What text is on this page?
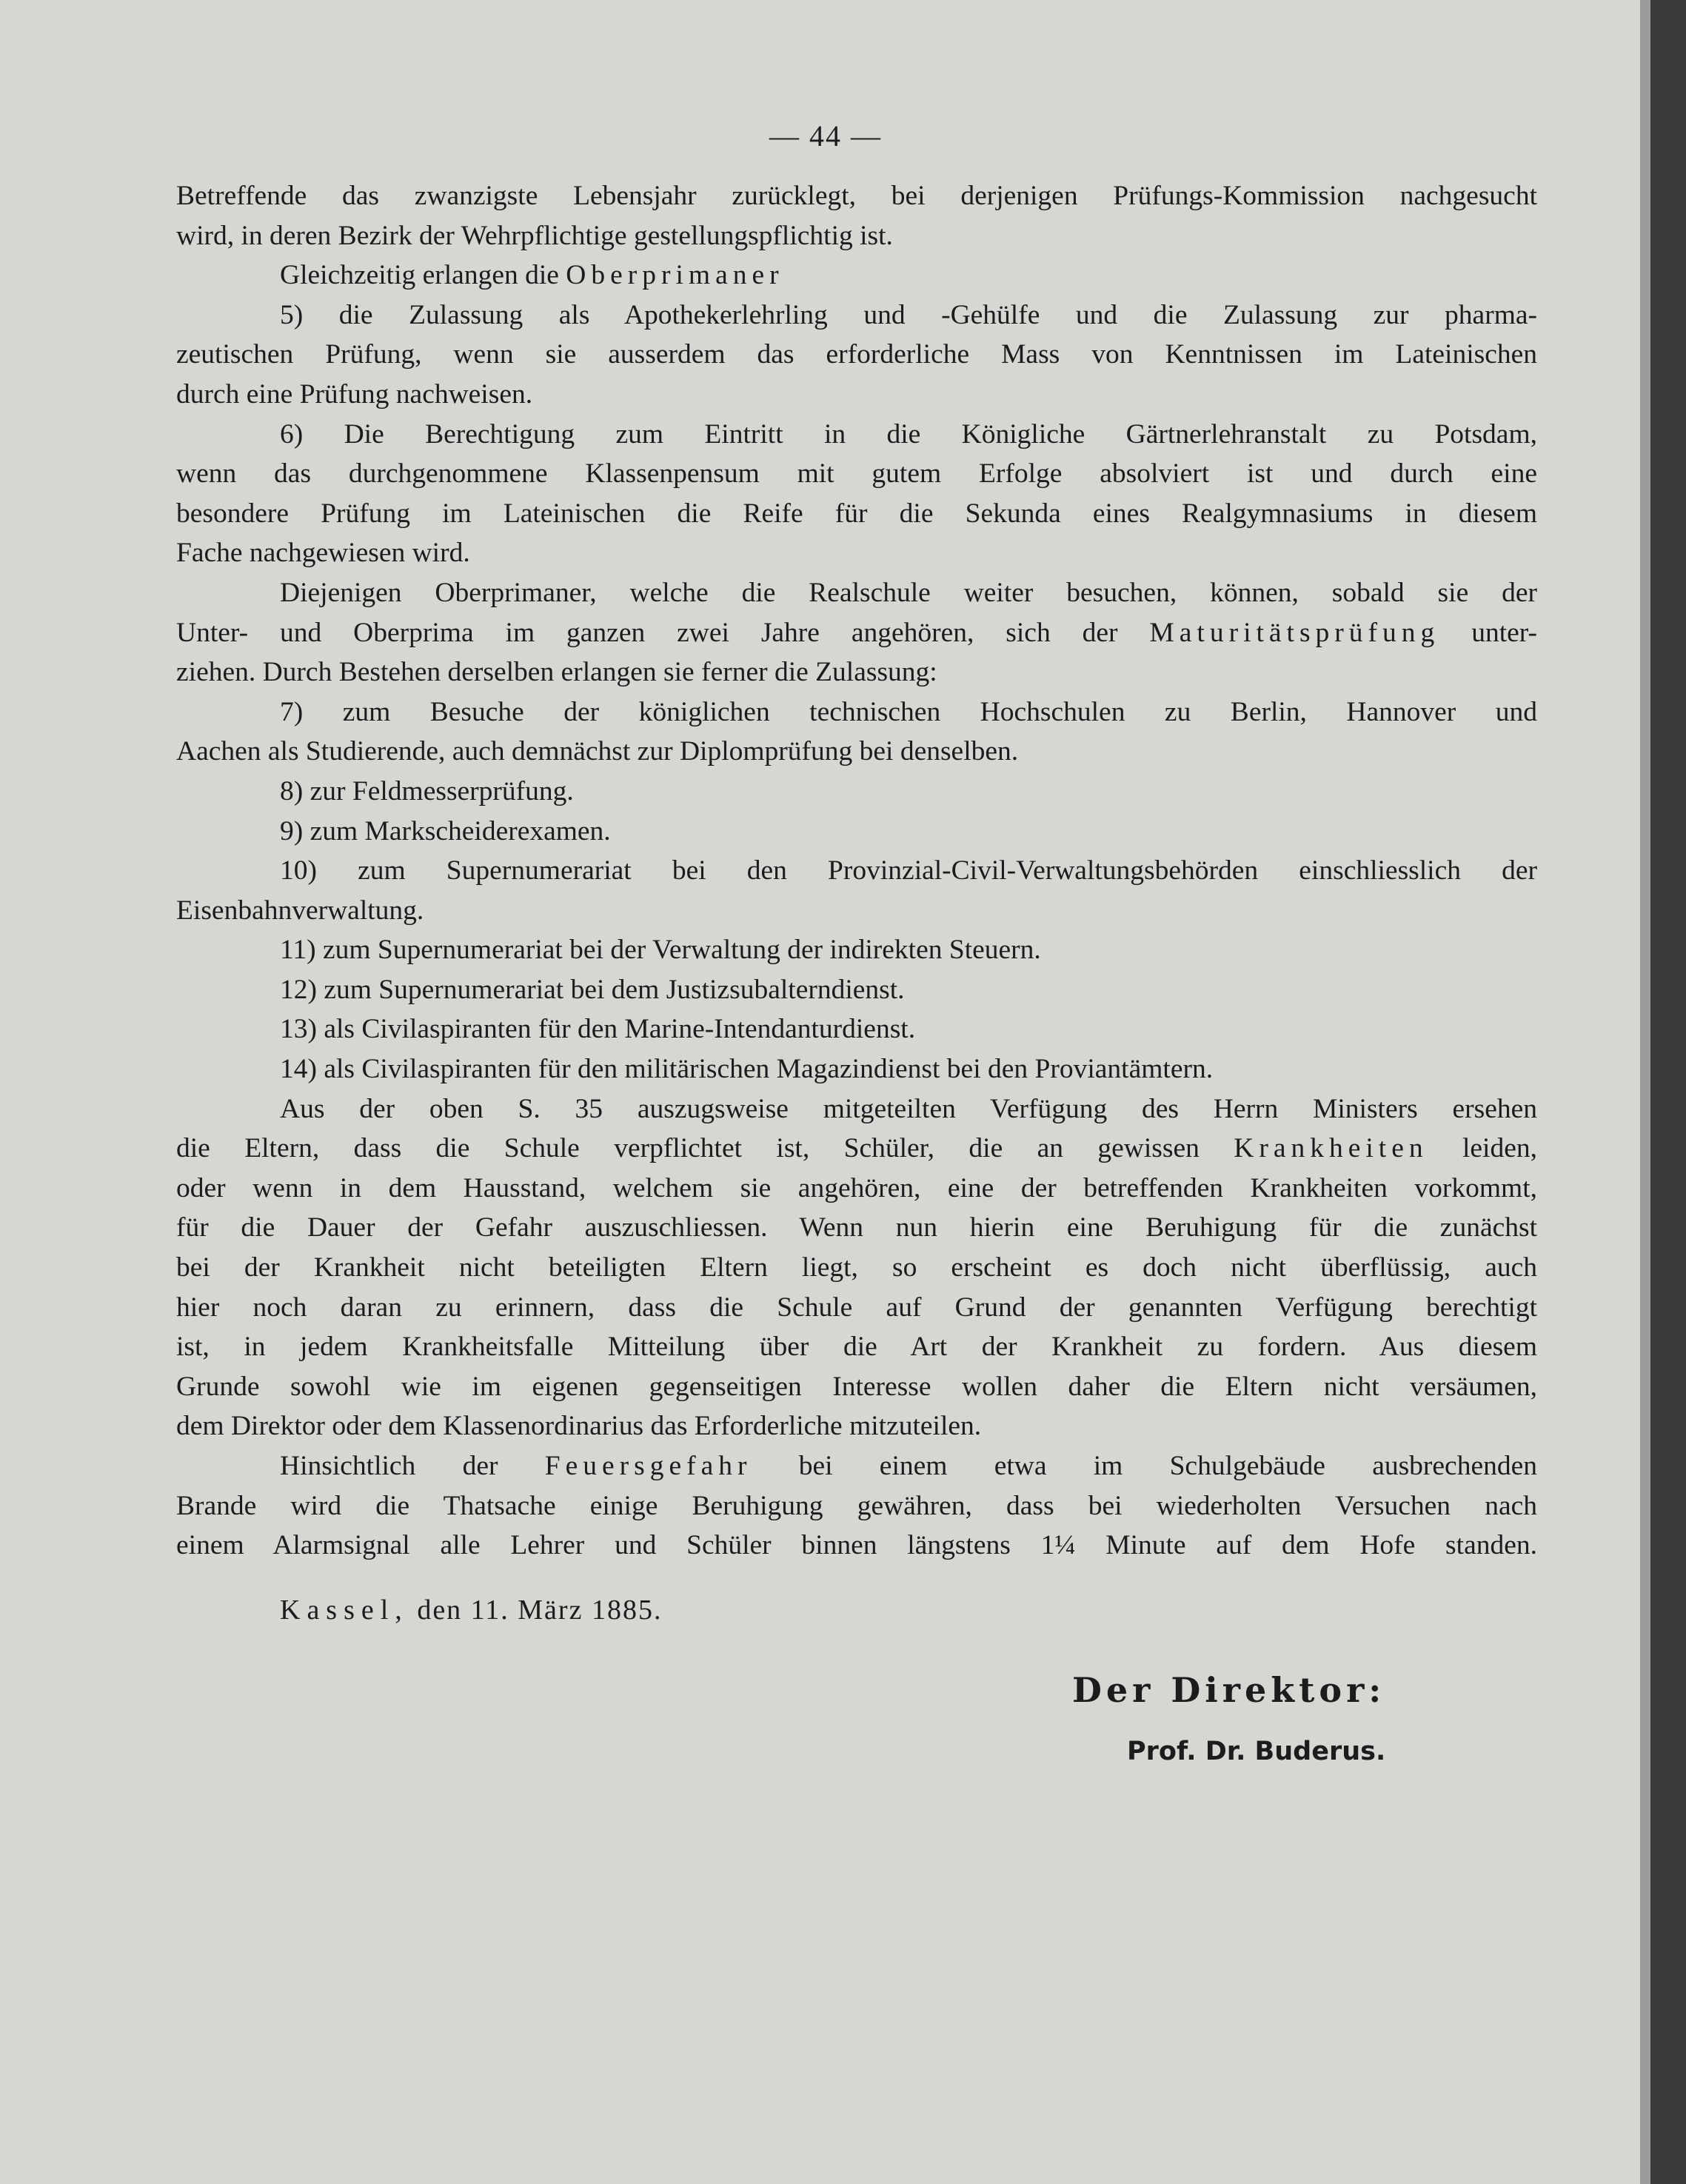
— 44 —
Betreffende das zwanzigste Lebensjahr zurücklegt, bei derjenigen Prüfungs-Kommission nachgesucht
wird, in deren Bezirk der Wehrpflichtige gestellungspflichtig ist.
Gleichzeitig erlangen die Oberprimaner
5) die Zulassung als Apothekerlehrling und -Gehülfe und die Zulassung zur pharma-
zeutischen Prüfung, wenn sie ausserdem das erforderliche Mass von Kenntnissen im Lateinischen
durch eine Prüfung nachweisen.
6) Die Berechtigung zum Eintritt in die Königliche Gärtnerlehranstalt zu Potsdam,
wenn das durchgenommene Klassenpensum mit gutem Erfolge absolviert ist und durch eine
besondere Prüfung im Lateinischen die Reife für die Sekunda eines Realgymnasiums in diesem
Fache nachgewiesen wird.
Diejenigen Oberprimaner, welche die Realschule weiter besuchen, können, sobald sie der
Unter- und Oberprima im ganzen zwei Jahre angehören, sich der Maturitätsprüfung unter-
ziehen. Durch Bestehen derselben erlangen sie ferner die Zulassung:
7) zum Besuche der königlichen technischen Hochschulen zu Berlin, Hannover und
Aachen als Studierende, auch demnächst zur Diplomprüfung bei denselben.
8) zur Feldmesserprüfung.
9) zum Markscheiderexamen.
10) zum Supernumerariat bei den Provinzial-Civil-Verwaltungsbehörden einschliesslich der
Eisenbahnverwaltung.
11) zum Supernumerariat bei der Verwaltung der indirekten Steuern.
12) zum Supernumerariat bei dem Justizsubalterndienst.
13) als Civilaspiranten für den Marine-Intendanturdienst.
14) als Civilaspiranten für den militärischen Magazindienst bei den Proviantämtern.
Aus der oben S. 35 auszugsweise mitgeteilten Verfügung des Herrn Ministers ersehen
die Eltern, dass die Schule verpflichtet ist, Schüler, die an gewissen Krankheiten leiden,
oder wenn in dem Hausstand, welchem sie angehören, eine der betreffenden Krankheiten vorkommt,
für die Dauer der Gefahr auszuschliessen. Wenn nun hierin eine Beruhigung für die zunächst
bei der Krankheit nicht beteiligten Eltern liegt, so erscheint es doch nicht überflüssig, auch
hier noch daran zu erinnern, dass die Schule auf Grund der genannten Verfügung berechtigt
ist, in jedem Krankheitsfalle Mitteilung über die Art der Krankheit zu fordern. Aus diesem
Grunde sowohl wie im eigenen gegenseitigen Interesse wollen daher die Eltern nicht versäumen,
dem Direktor oder dem Klassenordinarius das Erforderliche mitzuteilen.
Hinsichtlich der Feuersgefahr bei einem etwa im Schulgebäude ausbrechenden
Brande wird die Thatsache einige Beruhigung gewähren, dass bei wiederholten Versuchen nach
einem Alarmsignal alle Lehrer und Schüler binnen längstens 1¼ Minute auf dem Hofe standen.
Kassel, den 11. März 1885.
Der Direktor:
Prof. Dr. Buderus.
